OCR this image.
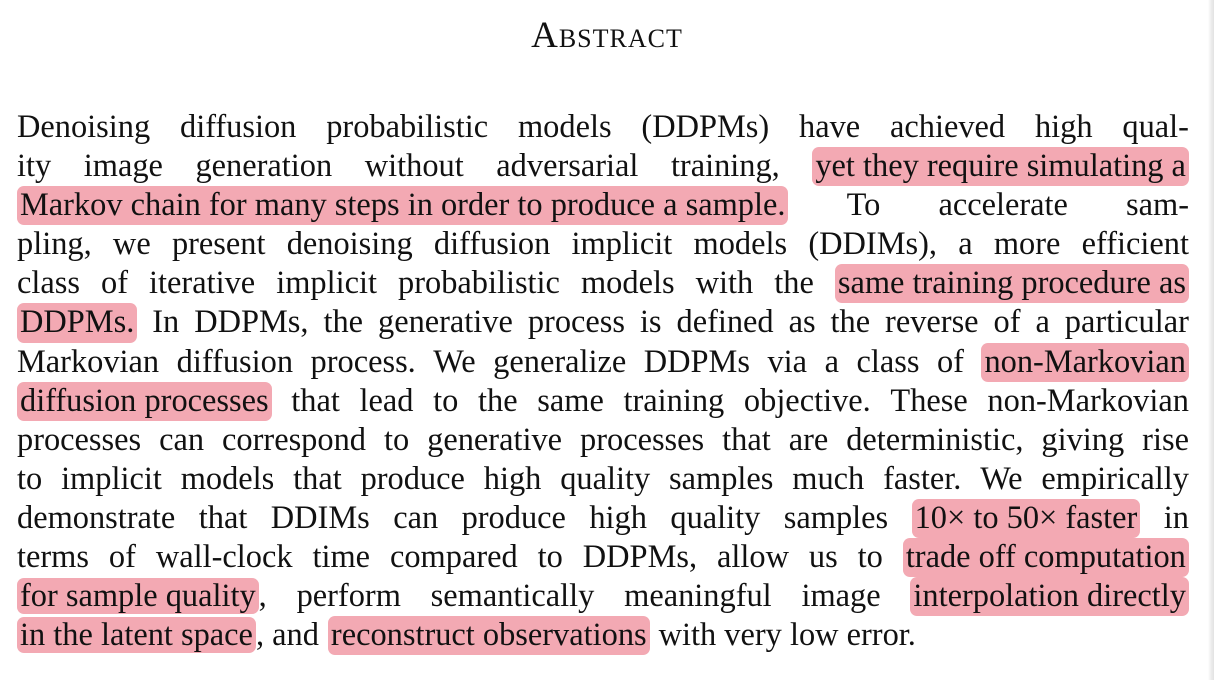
Abstract
Denoising diffusion probabilistic models (DDPMs) have achieved high qual-
ity image generation without adversarial training, yet they require simulating a
Markov chain for many steps in order to produce a sample. To accelerate sam-
pling, we present denoising diffusion implicit models (DDIMs), a more efficient
class of iterative implicit probabilistic models with the same training procedure as
DDPMs. In DDPMs, the generative process is defined as the reverse of a particular
Markovian diffusion process. We generalize DDPMs via a class of non-Markovian
diffusion processes that lead to the same training objective. These non-Markovian
processes can correspond to generative processes that are deterministic, giving rise
to implicit models that produce high quality samples much faster. We empirically
demonstrate that DDIMs can produce high quality samples 10× to 50× faster in
terms of wall-clock time compared to DDPMs, allow us to trade off computation
for sample quality, perform semantically meaningful image interpolation directly
in the latent space, and reconstruct observations with very low error.
